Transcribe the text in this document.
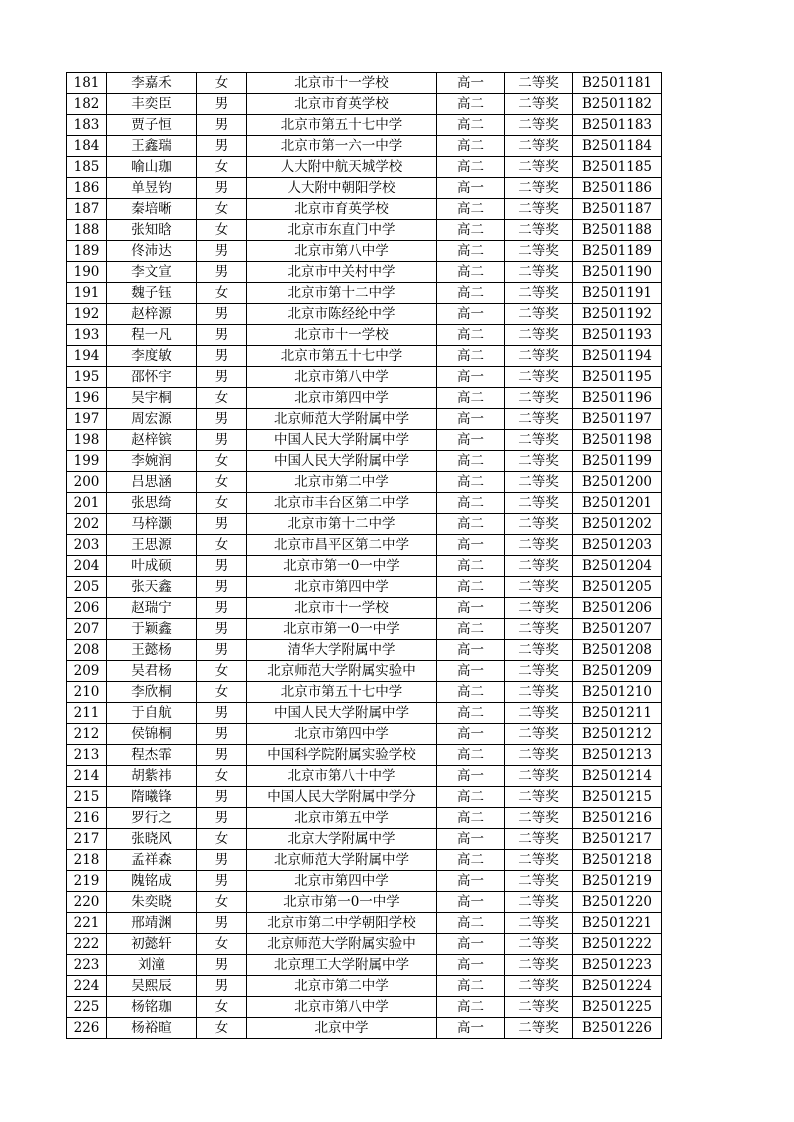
181	李嘉禾	女	北京市十一学校	高一	二等奖	B2501181
182	丰奕臣	男	北京市育英学校	高二	二等奖	B2501182
183	贾子恒	男	北京市第五十七中学	高二	二等奖	B2501183
184	王鑫瑞	男	北京市第一六一中学	高二	二等奖	B2501184
185	喻山珈	女	人大附中航天城学校	高二	二等奖	B2501185
186	单昱钧	男	人大附中朝阳学校	高一	二等奖	B2501186
187	秦培晰	女	北京市育英学校	高二	二等奖	B2501187
188	张知晗	女	北京市东直门中学	高二	二等奖	B2501188
189	佟沛达	男	北京市第八中学	高二	二等奖	B2501189
190	李文宣	男	北京市中关村中学	高二	二等奖	B2501190
191	魏子钰	女	北京市第十二中学	高二	二等奖	B2501191
192	赵梓源	男	北京市陈经纶中学	高一	二等奖	B2501192
193	程一凡	男	北京市十一学校	高二	二等奖	B2501193
194	李度敏	男	北京市第五十七中学	高二	二等奖	B2501194
195	邵怀宇	男	北京市第八中学	高一	二等奖	B2501195
196	吴宇桐	女	北京市第四中学	高二	二等奖	B2501196
197	周宏源	男	北京师范大学附属中学	高一	二等奖	B2501197
198	赵梓镔	男	中国人民大学附属中学	高一	二等奖	B2501198
199	李婉润	女	中国人民大学附属中学	高二	二等奖	B2501199
200	吕思涵	女	北京市第二中学	高二	二等奖	B2501200
201	张思绮	女	北京市丰台区第二中学	高二	二等奖	B2501201
202	马梓灏	男	北京市第十二中学	高二	二等奖	B2501202
203	王思源	女	北京市昌平区第二中学	高一	二等奖	B2501203
204	叶成硕	男	北京市第一0一中学	高二	二等奖	B2501204
205	张天鑫	男	北京市第四中学	高二	二等奖	B2501205
206	赵瑞宁	男	北京市十一学校	高一	二等奖	B2501206
207	于颖鑫	男	北京市第一0一中学	高二	二等奖	B2501207
208	王懿杨	男	清华大学附属中学	高一	二等奖	B2501208
209	吴君杨	女	北京师范大学附属实验中	高一	二等奖	B2501209
210	李欣桐	女	北京市第五十七中学	高二	二等奖	B2501210
211	于自航	男	中国人民大学附属中学	高二	二等奖	B2501211
212	侯锦桐	男	北京市第四中学	高一	二等奖	B2501212
213	程杰霏	男	中国科学院附属实验学校	高二	二等奖	B2501213
214	胡紫祎	女	北京市第八十中学	高一	二等奖	B2501214
215	隋曦锋	男	中国人民大学附属中学分	高二	二等奖	B2501215
216	罗行之	男	北京市第五中学	高二	二等奖	B2501216
217	张晓风	女	北京大学附属中学	高一	二等奖	B2501217
218	孟祥森	男	北京师范大学附属中学	高二	二等奖	B2501218
219	隗铭成	男	北京市第四中学	高一	二等奖	B2501219
220	朱奕晓	女	北京市第一0一中学	高一	二等奖	B2501220
221	邢靖渊	男	北京市第二中学朝阳学校	高二	二等奖	B2501221
222	初懿轩	女	北京师范大学附属实验中	高一	二等奖	B2501222
223	刘潼	男	北京理工大学附属中学	高一	二等奖	B2501223
224	吴熙辰	男	北京市第二中学	高二	二等奖	B2501224
225	杨铭珈	女	北京市第八中学	高二	二等奖	B2501225
226	杨裕暄	女	北京中学	高一	二等奖	B2501226
